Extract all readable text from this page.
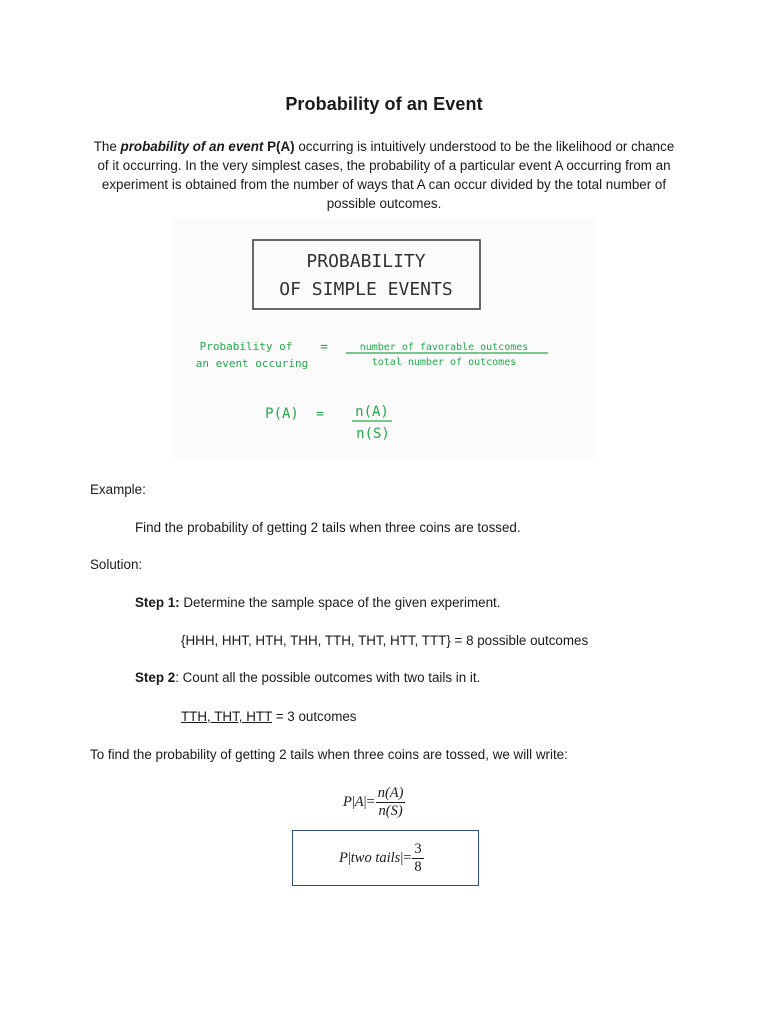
Probability of an Event
The probability of an event P(A) occurring is intuitively understood to be the likelihood or chance of it occurring. In the very simplest cases, the probability of a particular event A occurring from an experiment is obtained from the number of ways that A can occur divided by the total number of possible outcomes.
PROBABILITY
OF SIMPLE EVENTS
Probability of
an event occuring
=	number of favorable outcomes
total number of outcomes
P(A) = n(A)
n(S)
Example:
Find the probability of getting 2 tails when three coins are tossed.
Solution:
Step 1: Determine the sample space of the given experiment.
{HHH, HHT, HTH, THH, TTH, THT, HTT, TTT} = 8 possible outcomes
Step 2: Count all the possible outcomes with two tails in it.
TTH, THT, HTT = 3 outcomes
To find the probability of getting 2 tails when three coins are tossed, we will write:
P | A |= $\frac{n(A)}{n(S)}$
P | two tails |= $\frac{3}{8}$
